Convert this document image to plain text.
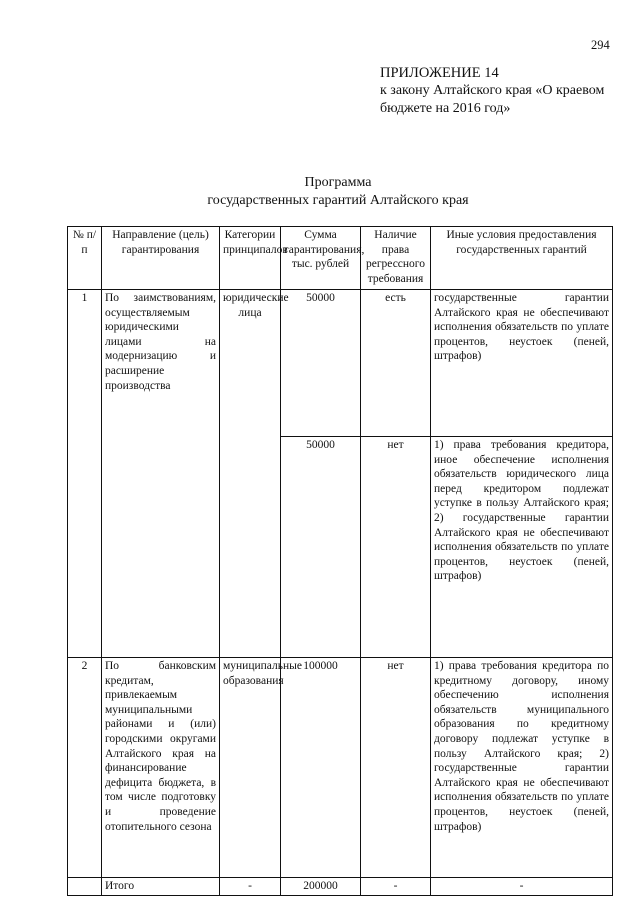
294
ПРИЛОЖЕНИЕ 14
к закону Алтайского края «О краевом бюджете на 2016 год»
Программа
государственных гарантий Алтайского края
№ п/п	Направление (цель) гарантирования	Категории принципалов	Сумма гарантирования, тыс. рублей	Наличие права регрессного требования	Иные условия предоставления государственных гарантий
1	По заимствованиям, осуществляемым юридическими лицами на модернизацию и расширение производства	юридические лица	50000	есть	государственные гарантии Алтайского края не обеспечивают исполнения обязательств по уплате процентов, неустоек (пеней, штрафов)
			50000	нет	1) права требования кредитора, иное обеспечение исполнения обязательств юридического лица перед кредитором подлежат уступке в пользу Алтайского края; 2) государственные гарантии Алтайского края не обеспечивают исполнения обязательств по уплате процентов, неустоек (пеней, штрафов)
2	По банковским кредитам, привлекаемым муниципальными районами и (или) городскими округами Алтайского края на финансирование дефицита бюджета, в том числе подготовку и проведение отопительного сезона	муниципальные образования	100000	нет	1) права требования кредитора по кредитному договору, иному обеспечению исполнения обязательств муниципального образования по кредитному договору подлежат уступке в пользу Алтайского края; 2) государственные гарантии Алтайского края не обеспечивают исполнения обязательств по уплате процентов, неустоек (пеней, штрафов)
	Итого	-	200000	-	-
